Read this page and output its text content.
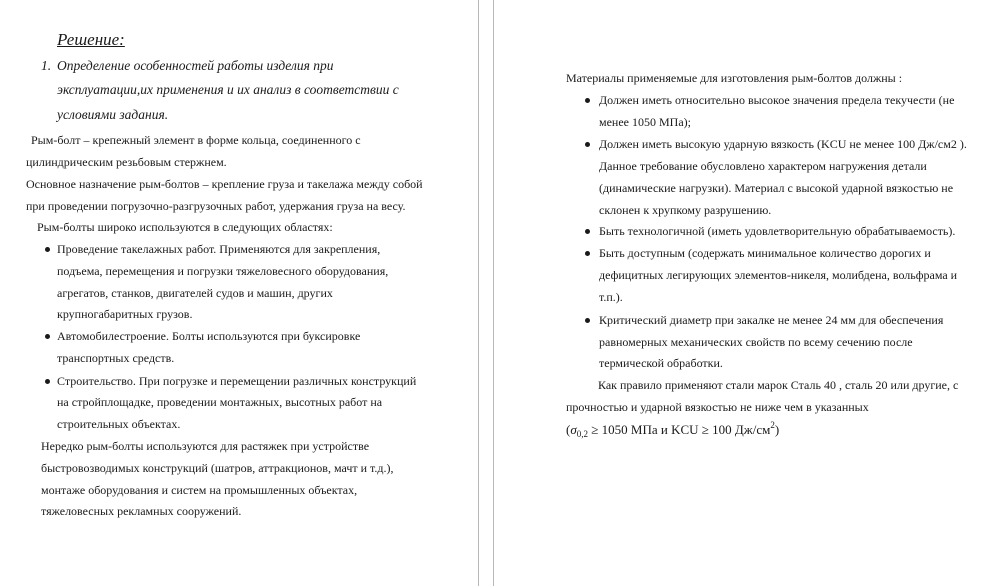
Решение:
1. Определение особенностей работы изделия при
эксплуатации,их применения и их анализ в соответствии с
условиями задания.
Рым-болт – крепежный элемент в форме кольца, соединенного с
цилиндрическим резьбовым стержнем.
Основное назначение рым-болтов – крепление груза и такелажа между собой
при проведении погрузочно-разгрузочных работ, удержания груза на весу.
Рым-болты широко используются в следующих областях:
Проведение такелажных работ. Применяются для закрепления,
подъема, перемещения и погрузки тяжеловесного оборудования,
агрегатов, станков, двигателей судов и машин, других
крупногабаритных грузов.
Автомобилестроение. Болты используются при буксировке
транспортных средств.
Строительство. При погрузке и перемещении различных конструкций
на стройплощадке, проведении монтажных, высотных работ на
строительных объектах.
Нередко рым-болты используются для растяжек при устройстве
быстровозводимых конструкций (шатров, аттракционов, мачт и т.д.),
монтаже оборудования и систем на промышленных объектах,
тяжеловесных рекламных сооружений.
Материалы применяемые для изготовления рым-болтов должны :
Должен иметь относительно высокое значения предела текучести (не
менее 1050 МПа);
Должен иметь высокую ударную вязкость (KCU не менее 100 Дж/см2 ).
Данное требование обусловлено характером нагружения детали
(динамические нагрузки). Материал с высокой ударной вязкостью не
склонен к хрупкому разрушению.
Быть технологичной (иметь удовлетворительную обрабатываемость).
Быть доступным (содержать минимальное количество дорогих и
дефицитных легирующих элементов-никеля, молибдена, вольфрама и
т.п.).
Критический диаметр при закалке не менее 24 мм для обеспечения
равномерных механических свойств по всему сечению после
термической обработки.
Как правило применяют стали марок Сталь 40 , сталь 20 или другие, с
прочностью и ударной вязкостью не ниже чем в указанных
($\sigma_{0,2} \ge 1050$ МПа и KCU ≥ 100 $Дж/см^2$)
